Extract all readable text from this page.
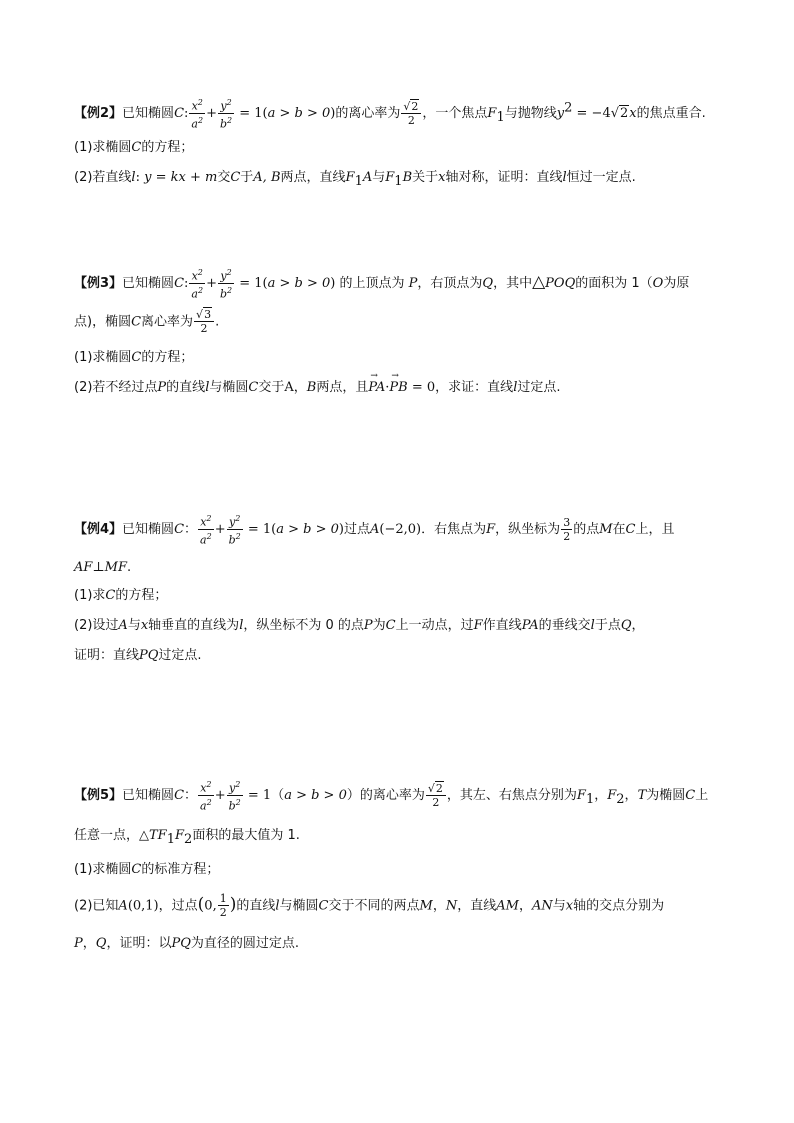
【例2】已知椭圆C: $\frac{x^2}{a^2} + \frac{y^2}{b^2} = 1(a > b > 0)$的离心率为 $\frac{√2}{2}$ ，一个焦点$F_1$与抛物线$y^2 = -4√2x$的焦点重合.
(1)求椭圆C的方程；
(2)若直线l: y = kx + m交C于A, B两点，直线$F_1A$与$F_1B$关于x轴对称，证明：直线l恒过一定点.
【例3】已知椭圆C: $\frac{x^2}{a^2} + \frac{y^2}{b^2} = 1(a > b > 0)$ 的上顶点为 P，右顶点为Q，其中△POQ的面积为 1（O为原
点)，椭圆C离心率为 $\frac{√3}{2}$ .
(1)求椭圆C的方程；
(2)若不经过点P的直线l与椭圆C交于A，B两点，且→ PA·→ PB = 0，求证：直线l过定点.
【例4】已知椭圆C： $\frac{x^2}{a^2} + \frac{y^2}{b^2} = 1(a > b > 0)$过点A(−2,0)．右焦点为F，纵坐标为 $\frac{3}{2}$ 的点M在C上，且
AF⊥MF.
(1)求C的方程；
(2)设过A与x轴垂直的直线为l，纵坐标不为 0 的点P为C上一动点，过F作直线PA的垂线交l于点Q，
证明：直线PQ过定点.
【例5】已知椭圆C： $\frac{x^2}{a^2} + \frac{y^2}{b^2} = 1(a > b > 0)$的离心率为 $\frac{√2}{2}$ ，其左、右焦点分别为$F_1$，$F_2$，T为椭圆C上
任意一点，$\triangle TF_1F_2$面积的最大值为 1.
(1)求椭圆C的标准方程；
(2)已知A(0,1)，过点(0, $\frac{1}{2}$ )的直线l与椭圆C交于不同的两点M，N，直线AM，AN与x轴的交点分别为
P，Q，证明：以PQ为直径的圆过定点.
